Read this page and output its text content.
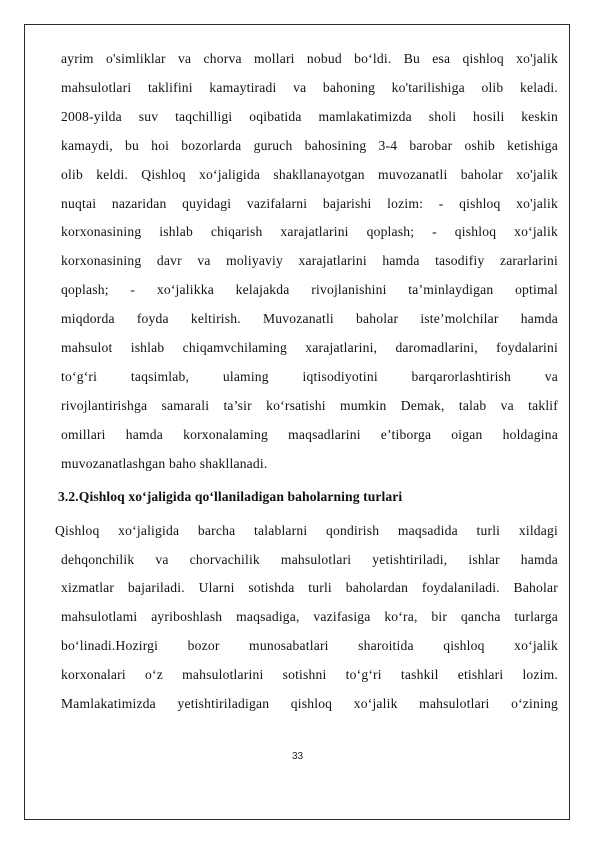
ayrim o'simliklar va chorva mollari nobud bo‘ldi. Bu esa qishloq xo'jalik

mahsulotlari taklifini kamaytiradi va bahoning ko'tarilishiga olib keladi.

2008-yilda suv taqchilligi oqibatida mamlakatimizda sholi hosili keskin

kamaydi, bu hoi bozorlarda guruch bahosining 3-4 barobar oshib ketishiga

olib keldi. Qishloq xo‘jaligida shakllanayotgan muvozanatli baholar xo'jalik

nuqtai nazaridan quyidagi vazifalarni bajarishi lozim: - qishloq xo'jalik

korxonasining ishlab chiqarish xarajatlarini qoplash; - qishloq xo‘jalik

korxonasining davr va moliyaviy xarajatlarini hamda tasodifiy zararlarini

qoplash; - xo‘jalikka kelajakda rivojlanishini ta’minlaydigan optimal

miqdorda foyda keltirish. Muvozanatli baholar iste’molchilar hamda

mahsulot ishlab chiqamvchilaming xarajatlarini, daromadlarini, foydalarini

to‘g‘ri taqsimlab, ulaming iqtisodiyotini barqarorlashtirish va

rivojlantirishga samarali ta’sir ko‘rsatishi mumkin Demak, talab va taklif

omillari hamda korxonalaming maqsadlarini e’tiborga oigan holdagina

muvozanatlashgan baho shakllanadi.

3.2.Qishloq xo‘jaligida qo‘llaniladigan baholarning turlari

Qishloq xo‘jaligida barcha talablarni qondirish maqsadida turli xildagi

dehqonchilik va chorvachilik mahsulotlari yetishtiriladi, ishlar hamda

xizmatlar bajariladi. Ularni sotishda turli baholardan foydalaniladi. Baholar

mahsulotlami ayriboshlash maqsadiga, vazifasiga ko‘ra, bir qancha turlarga

bo‘linadi.Hozirgi bozor munosabatlari sharoitida qishloq xo‘jalik

korxonalari o‘z mahsulotlarini sotishni to‘g‘ri tashkil etishlari lozim.

Mamlakatimizda yetishtiriladigan qishloq xo‘jalik mahsulotlari o‘zining

33
